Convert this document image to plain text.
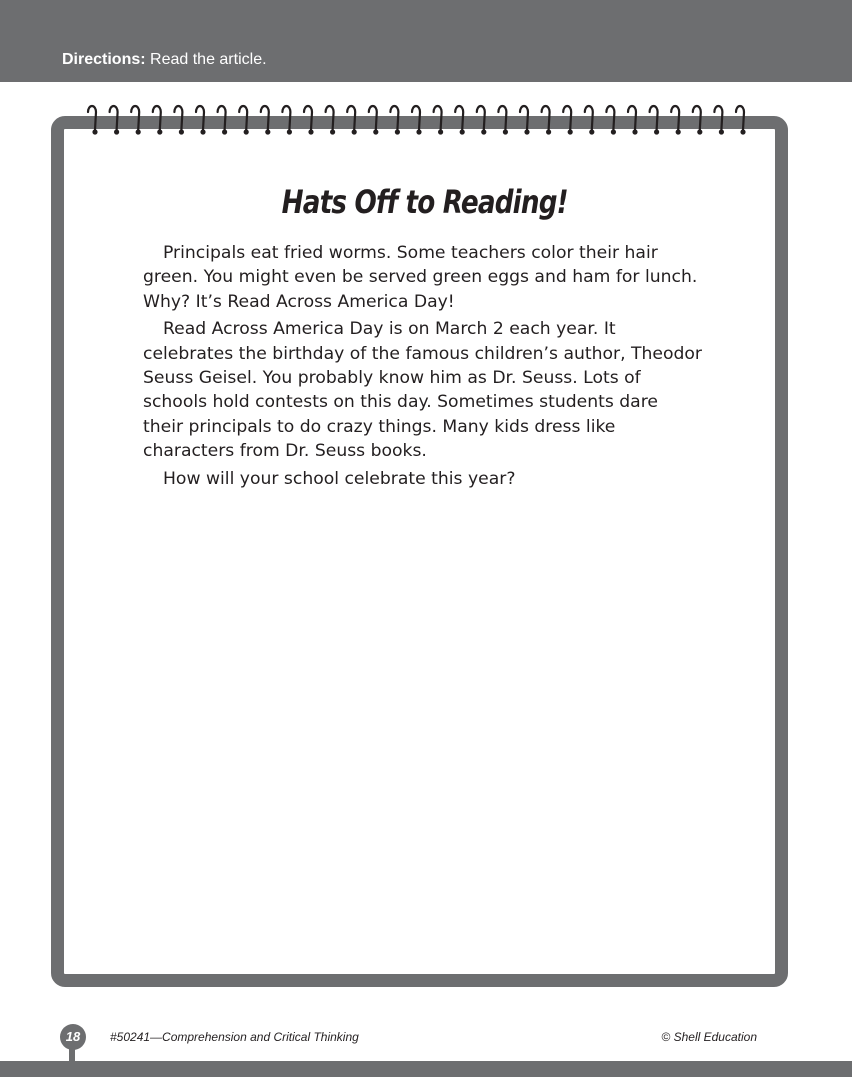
Directions: Read the article.
Hats Off to Reading!

Principals eat fried worms. Some teachers color their hair green. You might even be served green eggs and ham for lunch. Why? It’s Read Across America Day!

Read Across America Day is on March 2 each year. It celebrates the birthday of the famous children’s author, Theodor Seuss Geisel. You probably know him as Dr. Seuss. Lots of schools hold contests on this day. Sometimes students dare their principals to do crazy things. Many kids dress like characters from Dr. Seuss books.

How will your school celebrate this year?

18	#50241—Comprehension and Critical Thinking	© Shell Education
